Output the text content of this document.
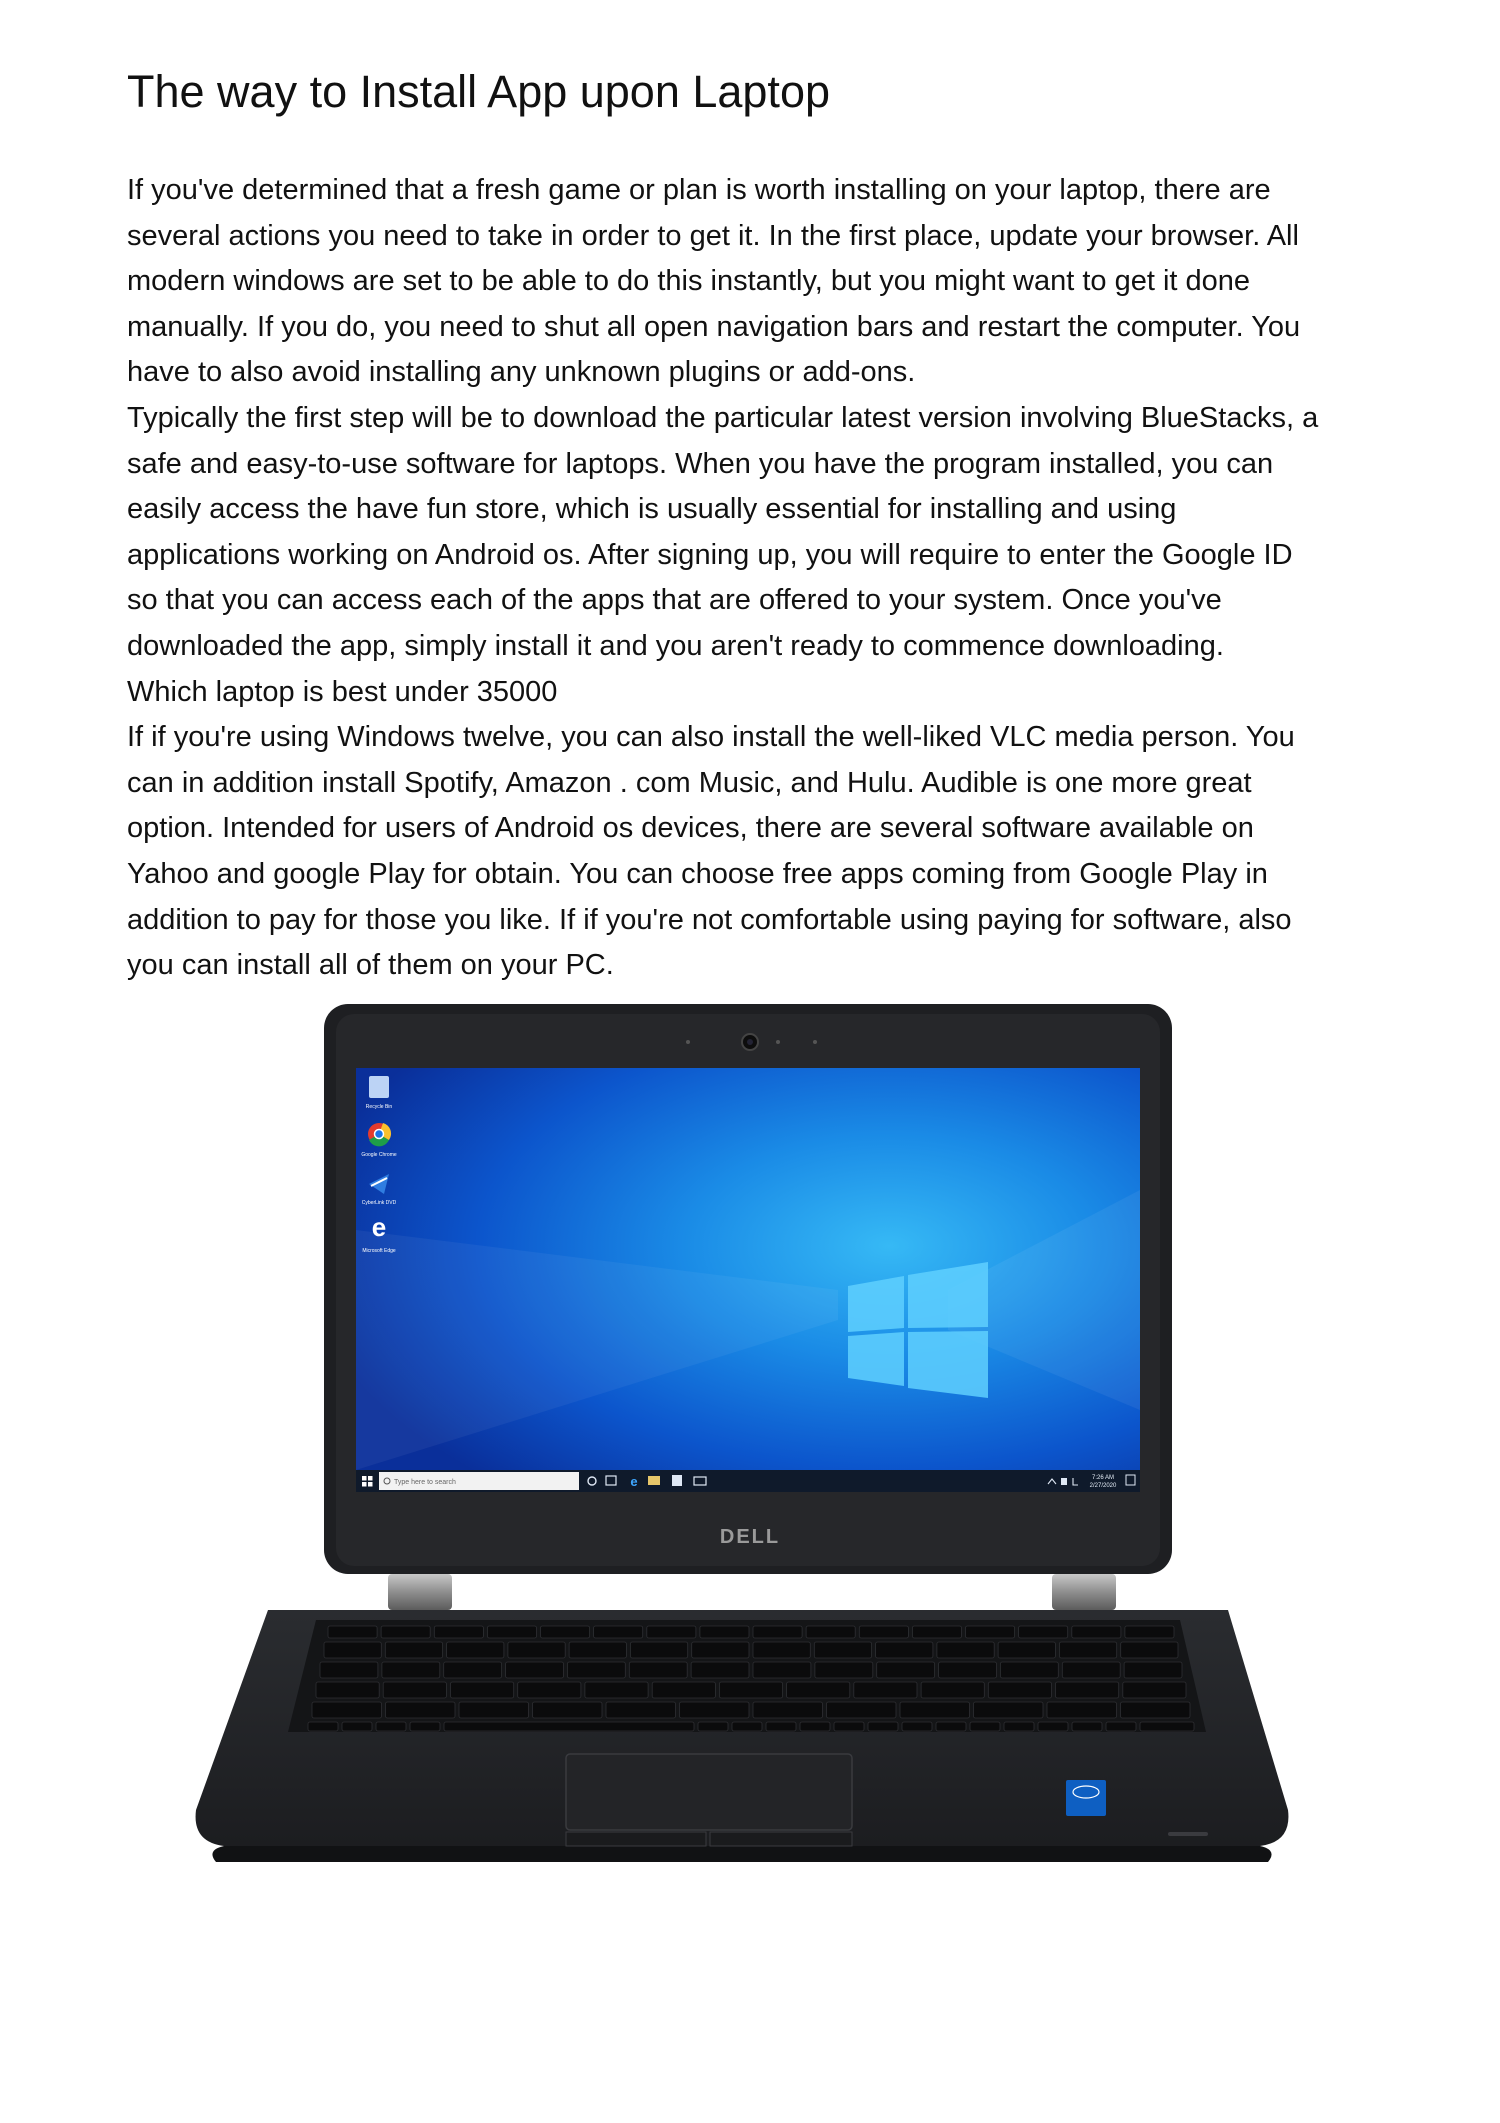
The way to Install App upon Laptop

If you've determined that a fresh game or plan is worth installing on your laptop, there are

several actions you need to take in order to get it. In the first place, update your browser. All

modern windows are set to be able to do this instantly, but you might want to get it done

manually. If you do, you need to shut all open navigation bars and restart the computer. You

have to also avoid installing any unknown plugins or add-ons.

Typically the first step will be to download the particular latest version involving BlueStacks, a

safe and easy-to-use software for laptops. When you have the program installed, you can

easily access the have fun store, which is usually essential for installing and using

applications working on Android os. After signing up, you will require to enter the Google ID

so that you can access each of the apps that are offered to your system. Once you've

downloaded the app, simply install it and you aren't ready to commence downloading.

Which laptop is best under 35000

If if you're using Windows twelve, you can also install the well-liked VLC media person. You

can in addition install Spotify, Amazon . com Music, and Hulu. Audible is one more great

option. Intended for users of Android os devices, there are several software available on

Yahoo and google Play for obtain. You can choose free apps coming from Google Play in

addition to pay for those you like. If if you're not comfortable using paying for software, also

you can install all of them on your PC.

DELL
Recycle Bin
Google Chrome
CyberLink DVD
e
Microsoft Edge
Type here to search	e	7:26 AM
2/27/2020
